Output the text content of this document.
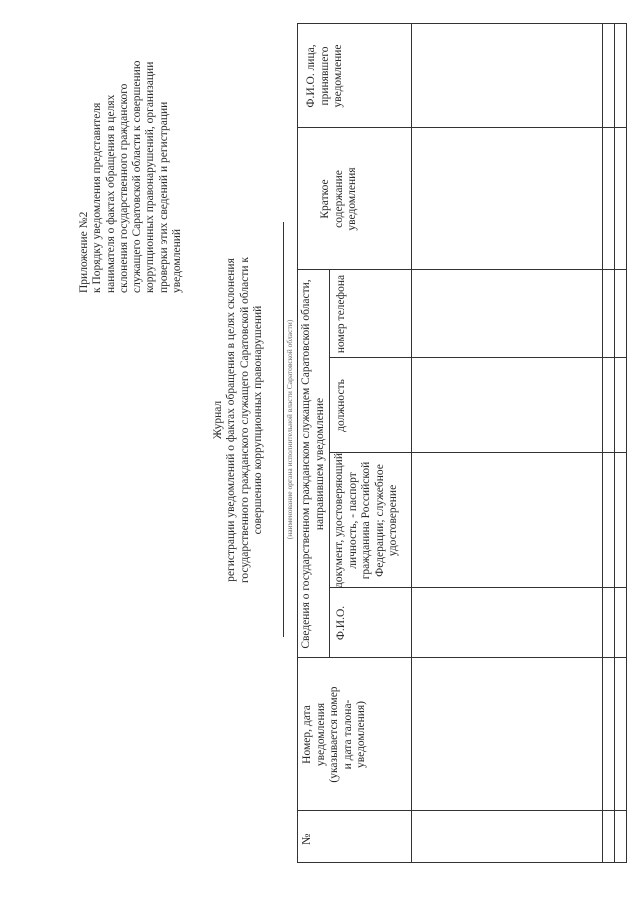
Приложение №2 к Порядку уведомления представителя нанимателя о фактах обращения в целях склонения государственного гражданского служащего Саратовской области к совершению коррупционных правонарушений, организации проверки этих сведений и регистрации уведомлений
Журнал регистрации уведомлений о фактах обращения в целях склонения государственного гражданского служащего Саратовской области к совершению коррупционных правонарушений	(наименование органа исполнительной власти Саратовской области)
№
Номер, дата уведомления (указывается номер и дата талона- уведомления)
Сведения о государственном гражданском служащем Саратовской области, направившем уведомление
Ф.И.О.
документ, удостоверяющий личность, - паспорт гражданина Российской Федерации; служебное удостоверение
должность
номер телефона
Краткое содержание уведомления
Ф.И.О. лица, принявшего уведомление
